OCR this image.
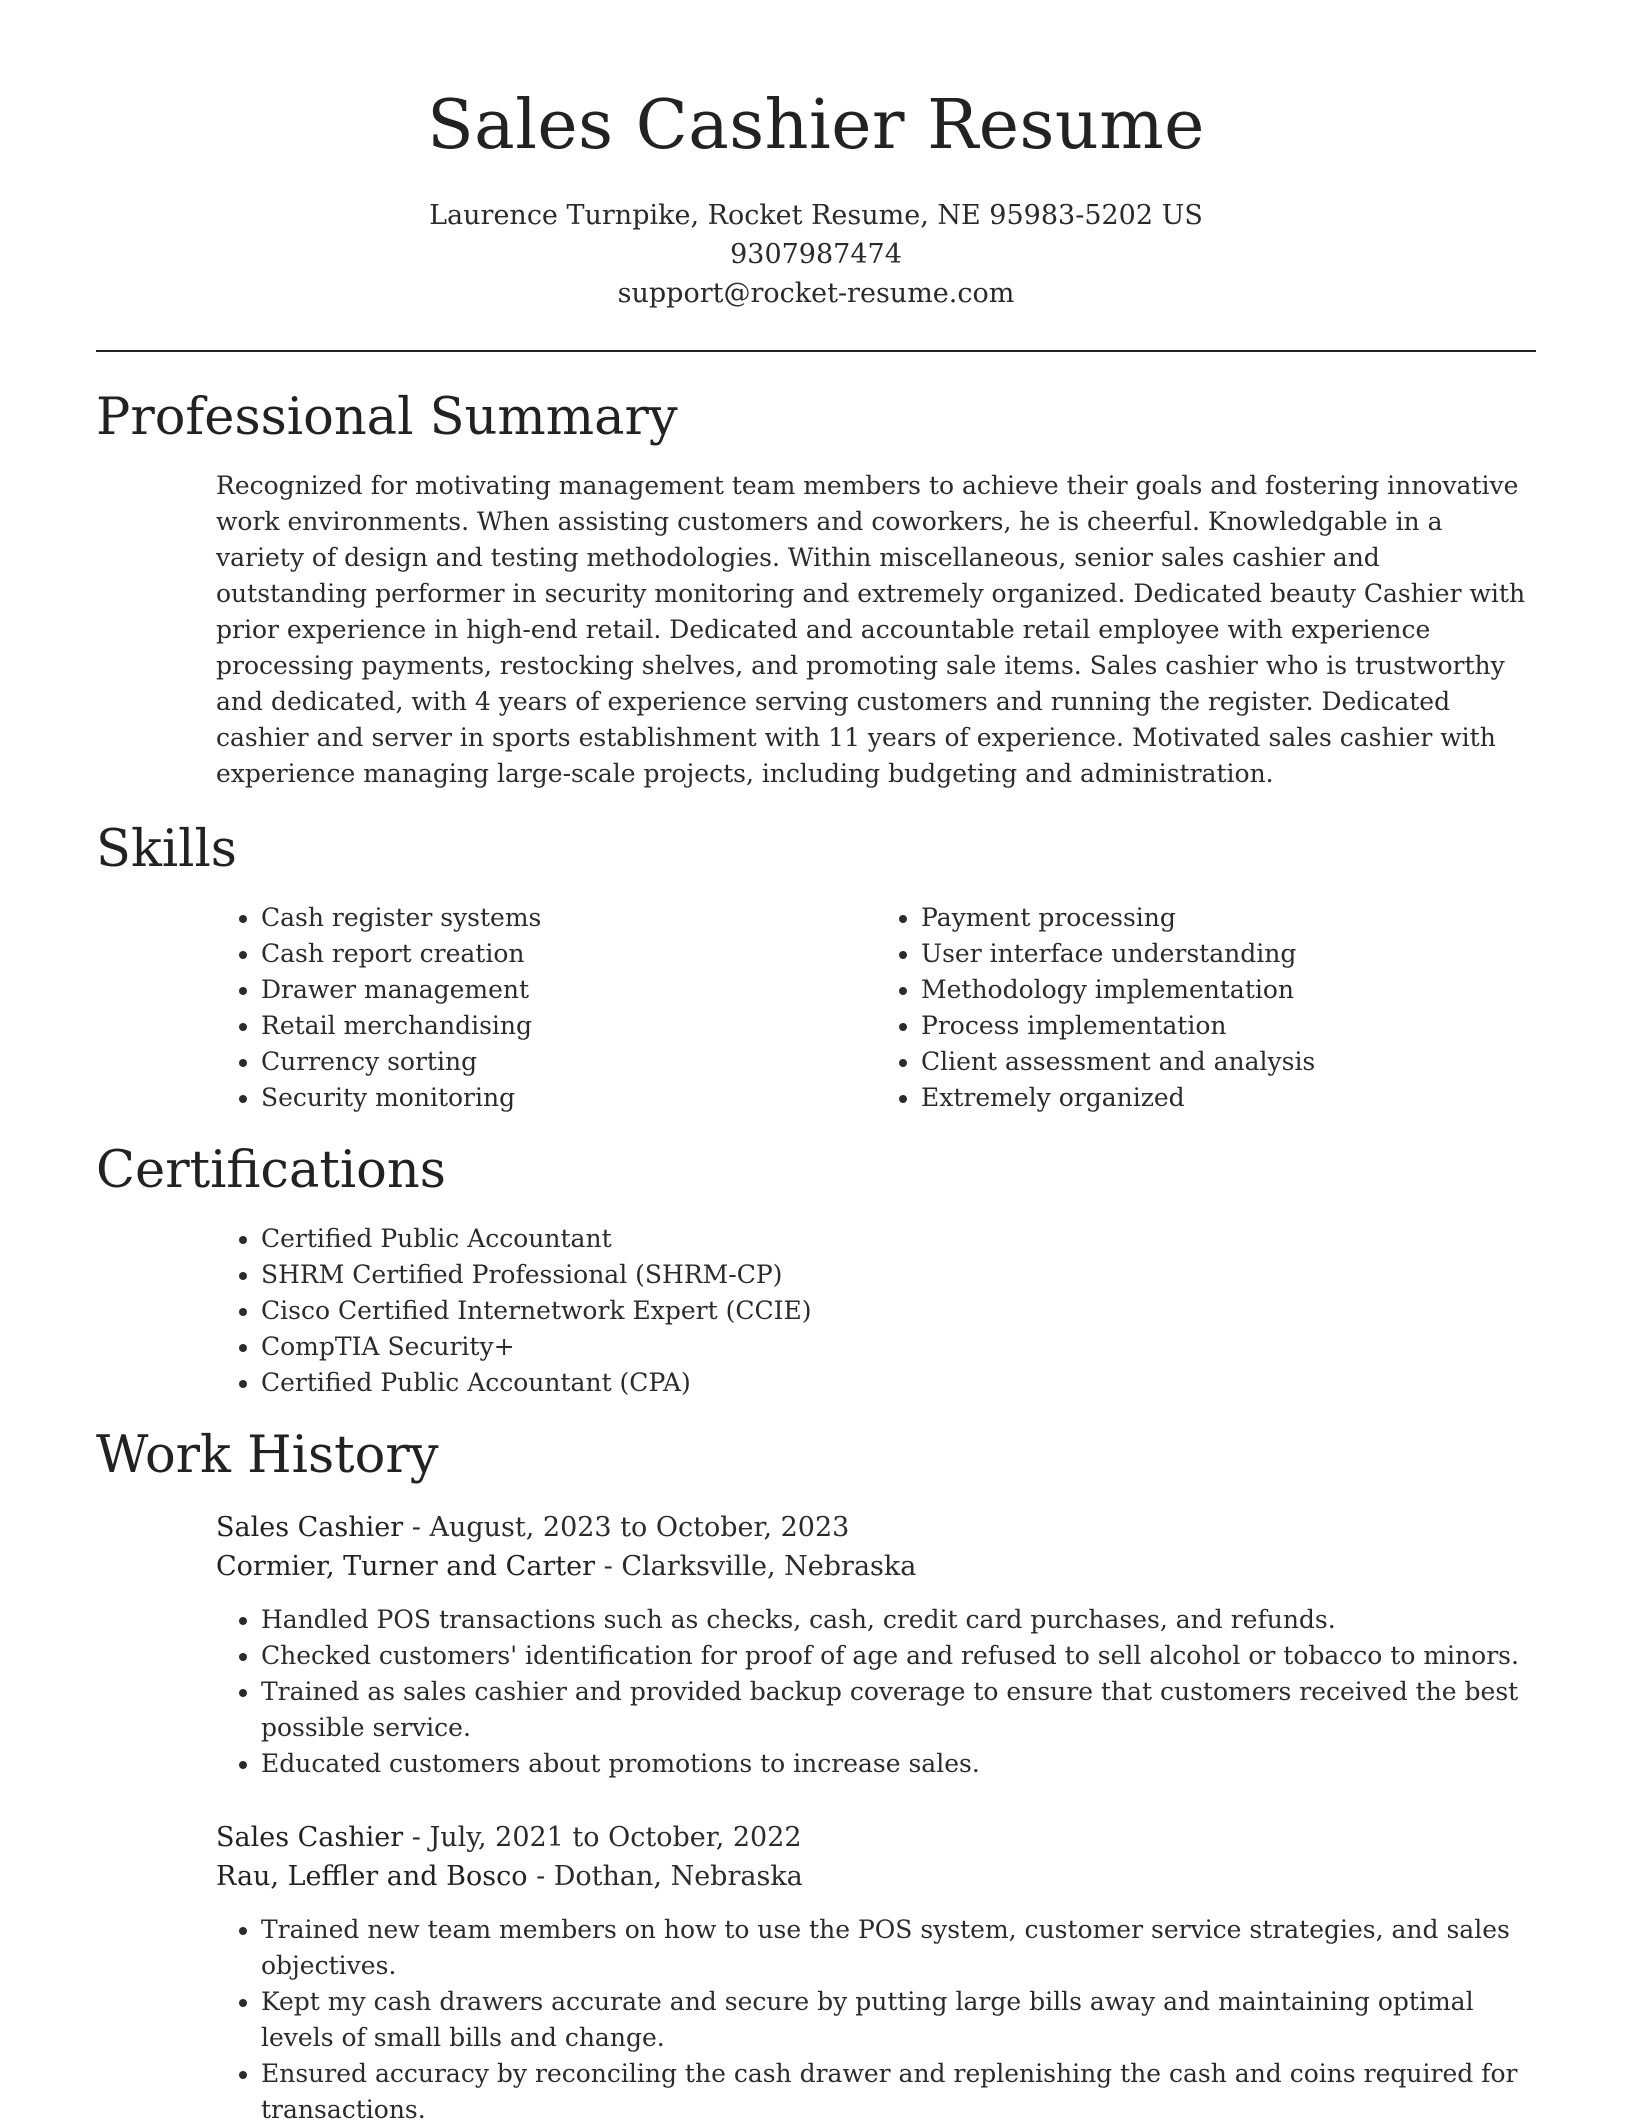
Sales Cashier Resume
Laurence Turnpike, Rocket Resume, NE 95983-5202 US
9307987474
support@rocket-resume.com
Professional Summary

Recognized for motivating management team members to achieve their goals and fostering innovative work environments. When assisting customers and coworkers, he is cheerful. Knowledgable in a variety of design and testing methodologies. Within miscellaneous, senior sales cashier and outstanding performer in security monitoring and extremely organized. Dedicated beauty Cashier with prior experience in high-end retail. Dedicated and accountable retail employee with experience processing payments, restocking shelves, and promoting sale items. Sales cashier who is trustworthy and dedicated, with 4 years of experience serving customers and running the register. Dedicated cashier and server in sports establishment with 11 years of experience. Motivated sales cashier with experience managing large-scale projects, including budgeting and administration.

Skills
• Cash register systems
• Cash report creation
• Drawer management
• Retail merchandising
• Currency sorting
• Security monitoring
• Payment processing
• User interface understanding
• Methodology implementation
• Process implementation
• Client assessment and analysis
• Extremely organized
Certifications
• Certified Public Accountant
• SHRM Certified Professional (SHRM-CP)
• Cisco Certified Internetwork Expert (CCIE)
• CompTIA Security+
• Certified Public Accountant (CPA)
Work History
Sales Cashier - August, 2023 to October, 2023
Cormier, Turner and Carter - Clarksville, Nebraska
• Handled POS transactions such as checks, cash, credit card purchases, and refunds.
• Checked customers' identification for proof of age and refused to sell alcohol or tobacco to minors.
• Trained as sales cashier and provided backup coverage to ensure that customers received the best possible service.
• Educated customers about promotions to increase sales.
Sales Cashier - July, 2021 to October, 2022
Rau, Leffler and Bosco - Dothan, Nebraska
• Trained new team members on how to use the POS system, customer service strategies, and sales objectives.
• Kept my cash drawers accurate and secure by putting large bills away and maintaining optimal levels of small bills and change.
• Ensured accuracy by reconciling the cash drawer and replenishing the cash and coins required for transactions.
